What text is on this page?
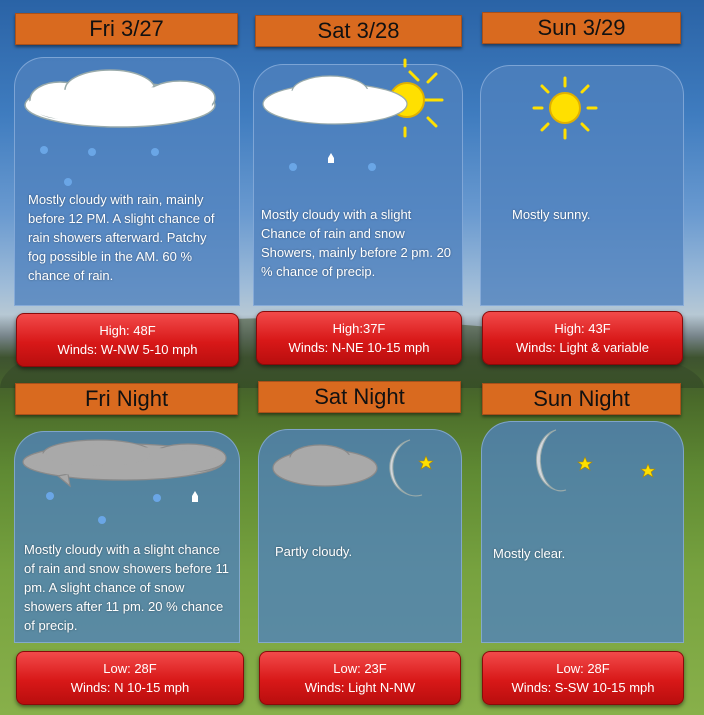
Fri 3/27
Mostly cloudy with rain, mainly before 12 PM. A slight chance of rain showers afterward. Patchy fog possible in the AM. 60 % chance of rain.
High: 48F
Winds: W-NW 5-10 mph
Sat 3/28
Mostly cloudy with a slight Chance of rain and snow Showers, mainly before 2 pm. 20 % chance of precip.
High:37F
Winds: N-NE 10-15 mph
Sun 3/29
Mostly sunny.
High: 43F
Winds: Light & variable
Fri Night
Mostly cloudy with a slight chance of rain and snow showers before 11 pm. A slight chance of snow showers after 11 pm. 20 % chance of precip.
Low: 28F
Winds: N 10-15 mph
Sat Night
Partly cloudy.
Low: 23F
Winds: Light N-NW
Sun Night
Mostly clear.
Low: 28F
Winds: S-SW 10-15 mph
